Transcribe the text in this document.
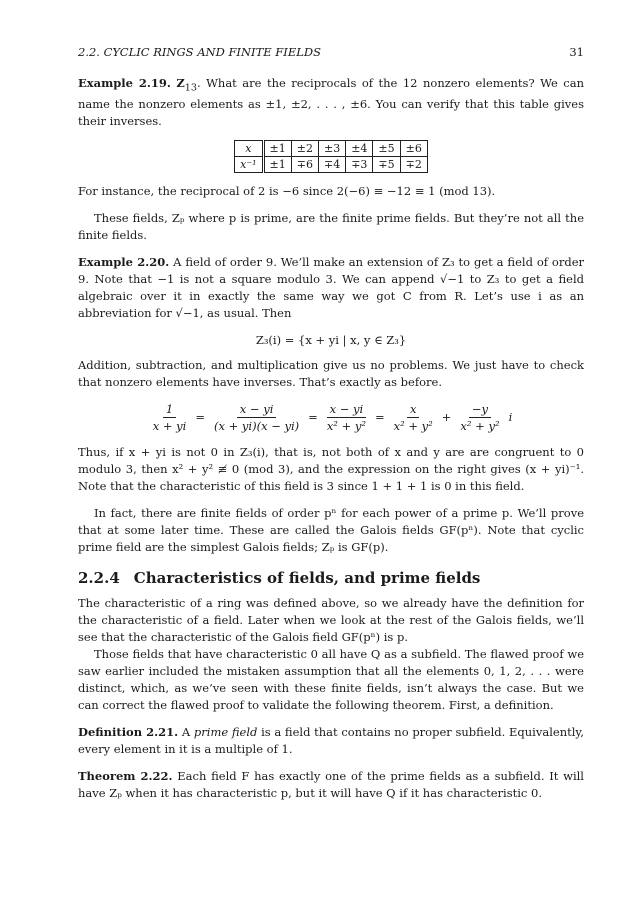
2.2. CYCLIC RINGS AND FINITE FIELDS	31

Example 2.19. $Z_{13}$. What are the reciprocals of the 12 nonzero elements? We can name the nonzero elements as ±1, ±2, . . . , ±6. You can verify that this table gives their inverses.

x	±1	±2	±3	±4	±5	±6
x⁻¹	±1	∓6	∓4	∓3	∓5	∓2

For instance, the reciprocal of 2 is −6 since 2(−6) ≡ −12 ≡ 1 (mod 13).

These fields, Zₚ where p is prime, are the finite prime fields. But they’re not all the finite fields.

Example 2.20. A field of order 9. We’ll make an extension of Z₃ to get a field of order 9. Note that −1 is not a square modulo 3. We can append √−1 to Z₃ to get a field algebraic over it in exactly the same way we got C from R. Let’s use i as an abbreviation for √−1, as usual. Then

Z₃(i) = {x + yi | x, y ∈ Z₃}

Addition, subtraction, and multiplication give us no problems. We just have to check that nonzero elements have inverses. That’s exactly as before.

$\frac{1}{x + yi} = \frac{x - yi}{(x + yi)(x - yi)} = \frac{x - yi}{\text{x² + y²}} = \frac{x}{\text{x² + y²}} + \frac{-y}{\text{x² + y²}}$ i

Thus, if x + yi is not 0 in Z₃(i), that is, not both of x and y are are congruent to 0 modulo 3, then x² + y² ≢ 0 (mod 3), and the expression on the right gives (x + yi)⁻¹. Note that the characteristic of this field is 3 since 1 + 1 + 1 is 0 in this field.

In fact, there are finite fields of order pⁿ for each power of a prime p. We’ll prove that at some later time. These are called the Galois fields GF(pⁿ). Note that cyclic prime field are the simplest Galois fields; Zₚ is GF(p).

2.2.4 Characteristics of fields, and prime fields

The characteristic of a ring was defined above, so we already have the definition for the characteristic of a field. Later when we look at the rest of the Galois fields, we’ll see that the characteristic of the Galois field GF(pⁿ) is p.

Those fields that have characteristic 0 all have Q as a subfield. The flawed proof we saw earlier included the mistaken assumption that all the elements 0, 1, 2, . . . were distinct, which, as we’ve seen with these finite fields, isn’t always the case. But we can correct the flawed proof to validate the following theorem. First, a definition.

Definition 2.21. A prime field is a field that contains no proper subfield. Equivalently, every element in it is a multiple of 1.

Theorem 2.22. Each field F has exactly one of the prime fields as a subfield. It will have Zₚ when it has characteristic p, but it will have Q if it has characteristic 0.
